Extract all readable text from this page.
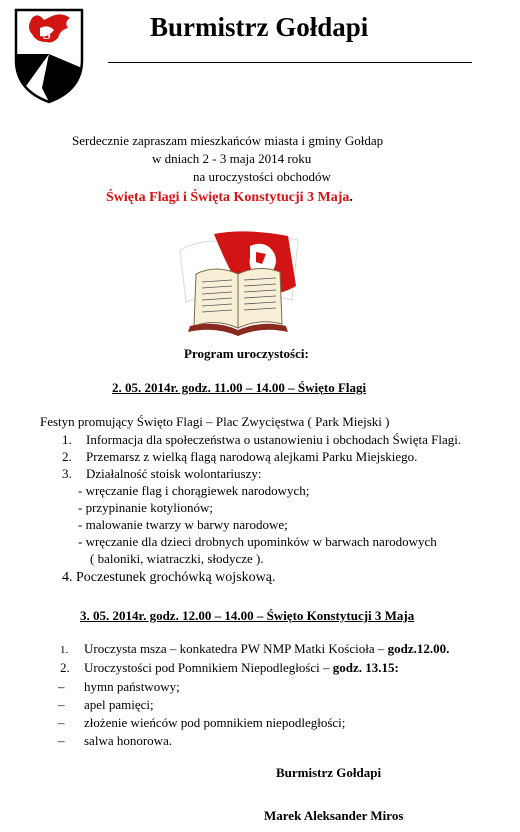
S	Burmistrz Gołdapi
Serdecznie zapraszam mieszkańców miasta i gminy Gołdap
w dniach 2 - 3 maja 2014 roku
na uroczystości obchodów
Święta Flagi i Święta Konstytucji 3 Maja.
Program uroczystości:
2. 05. 2014r. godz. 11.00 – 14.00 – Święto Flagi
Festyn promujący Święto Flagi – Plac Zwycięstwa ( Park Miejski )
1. Informacja dla społeczeństwa o ustanowieniu i obchodach Święta Flagi.
2. Przemarsz z wielką flagą narodową alejkami Parku Miejskiego.
3. Działalność stoisk wolontariuszy:
- wręczanie flag i chorągiewek narodowych;
- przypinanie kotylionów;
- malowanie twarzy w barwy narodowe;
- wręczanie dla dzieci drobnych upominków w barwach narodowych
( baloniki, wiatraczki, słodycze ).
4. Poczestunek grochówką wojskową.
3. 05. 2014r. godz. 12.00 – 14.00 – Święto Konstytucji 3 Maja
1. Uroczysta msza – konkatedra PW NMP Matki Kościoła – godz.12.00.
2. Uroczystości pod Pomnikiem Niepodległości – godz. 13.15:
– hymn państwowy;
– apel pamięci;
– złożenie wieńców pod pomnikiem niepodległości;
– salwa honorowa.
Burmistrz Gołdapi
Marek Aleksander Miros
